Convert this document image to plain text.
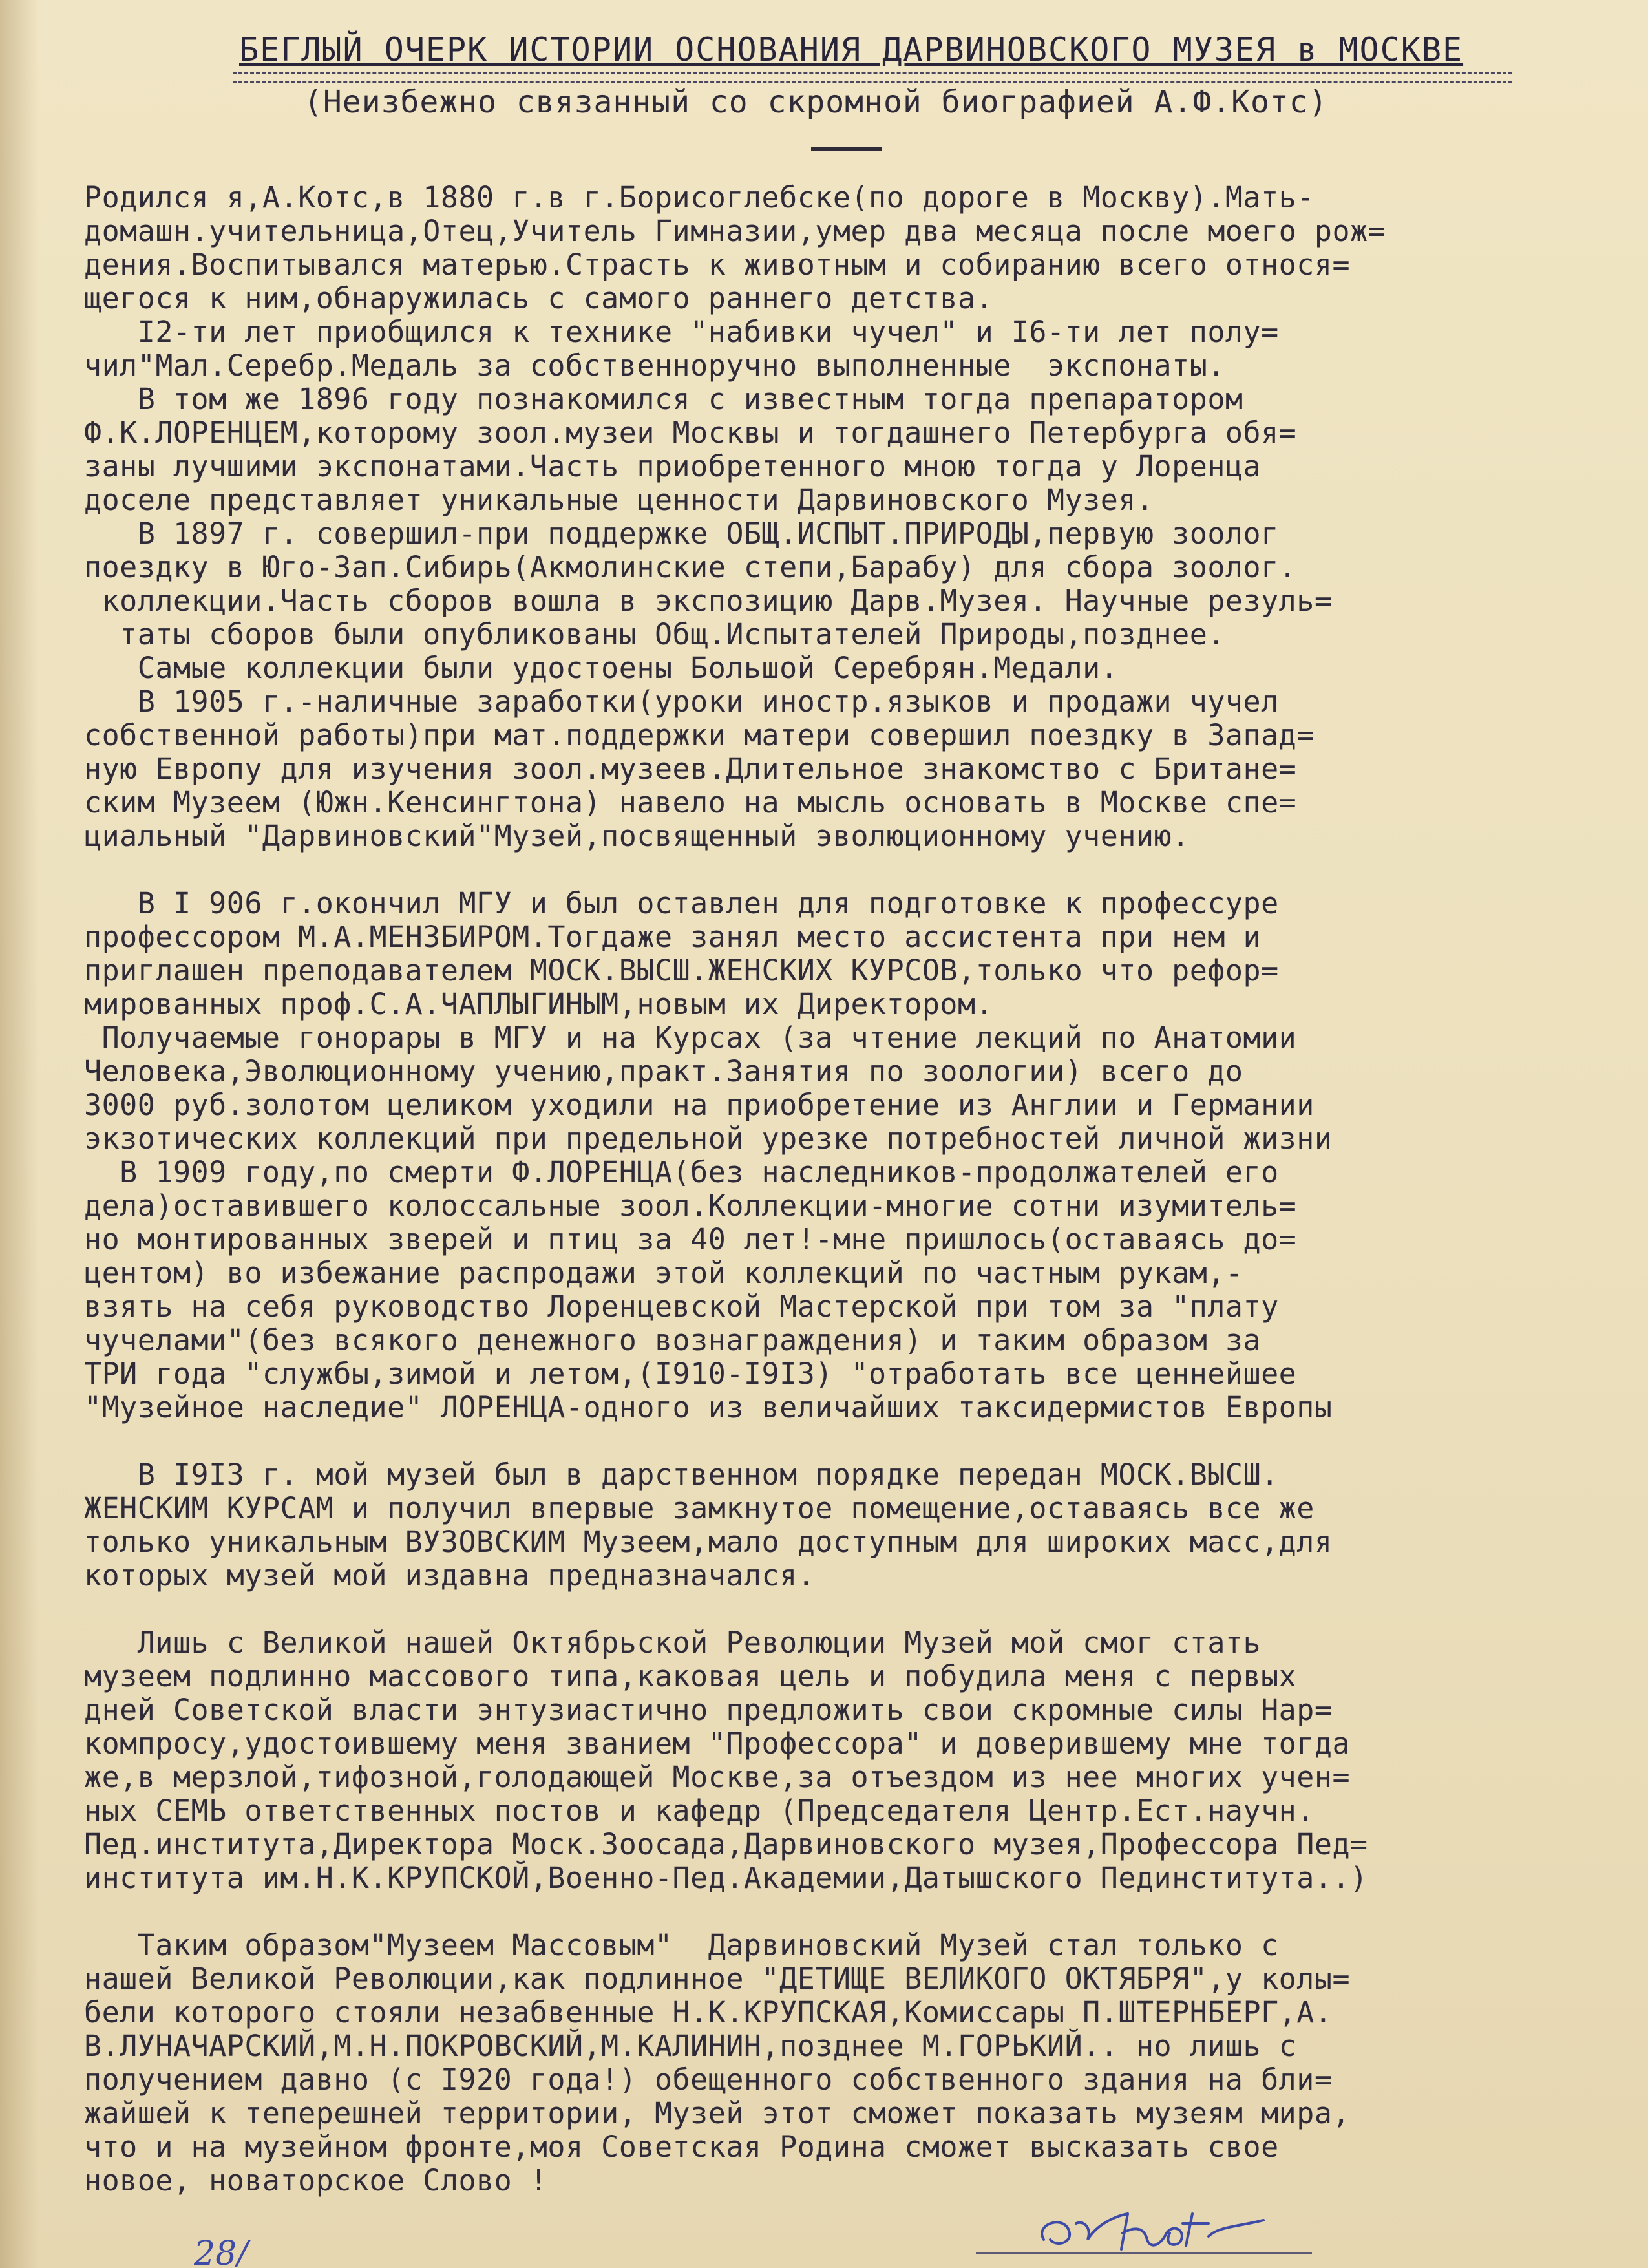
БЕГЛЫЙ ОЧЕРК ИСТОРИИ ОСНОВАНИЯ ДАРВИНОВСКОГО МУЗЕЯ в МОСКВЕ
(Неизбежно связанный со скромной биографией А.Ф.Котс)
Родился я,А.Котс,в 1880 г.в г.Борисоглебске(по дороге в Москву).Мать-
домашн.учительница,Отец,Учитель Гимназии,умер два месяца после моего рож=
дения.Воспитывался матерью.Страсть к животным и собиранию всего относя=
щегося к ним,обнаружилась с самого раннего детства.
I2-ти лет приобщился к технике "набивки чучел" и I6-ти лет полу=
чил"Мал.Серебр.Медаль за собственноручно выполненные  экспонаты.
В том же 1896 году познакомился с известным тогда препаратором
Ф.К.ЛОРЕНЦЕМ,которому зоол.музеи Москвы и тогдашнего Петербурга обя=
заны лучшими экспонатами.Часть приобретенного мною тогда у Лоренца
доселе представляет уникальные ценности Дарвиновского Музея.
В 1897 г. совершил-при поддержке ОБЩ.ИСПЫТ.ПРИРОДЫ,первую зоолог
поездку в Юго-Зап.Сибирь(Акмолинские степи,Барабу) для сбора зоолог.
коллекции.Часть сборов вошла в экспозицию Дарв.Музея. Научные резуль=
таты сборов были опубликованы Общ.Испытателей Природы,позднее.
Самые коллекции были удостоены Большой Серебрян.Медали.
В 1905 г.-наличные заработки(уроки иностр.языков и продажи чучел
собственной работы)при мат.поддержки матери совершил поездку в Запад=
ную Европу для изучения зоол.музеев.Длительное знакомство с Британе=
ским Музеем (Южн.Кенсингтона) навело на мысль основать в Москве спе=
циальный "Дарвиновский"Музей,посвященный эволюционному учению.
В I 906 г.окончил МГУ и был оставлен для подготовке к профессуре
профессором М.А.МЕНЗБИРОМ.Тогдаже занял место ассистента при нем и
приглашен преподавателем МОСК.ВЫСШ.ЖЕНСКИХ КУРСОВ,только что рефор=
мированных проф.С.А.ЧАПЛЫГИНЫМ,новым их Директором.
Получаемые гонорары в МГУ и на Курсах (за чтение лекций по Анатомии
Человека,Эволюционному учению,практ.Занятия по зоологии) всего до
3000 руб.золотом целиком уходили на приобретение из Англии и Германии
экзотических коллекций при предельной урезке потребностей личной жизни
В 1909 году,по смерти Ф.ЛОРЕНЦА(без наследников-продолжателей его
дела)оставившего колоссальные зоол.Коллекции-многие сотни изумитель=
но монтированных зверей и птиц за 40 лет!-мне пришлось(оставаясь до=
центом) во избежание распродажи этой коллекций по частным рукам,-
взять на себя руководство Лоренцевской Мастерской при том за "плату
чучелами"(без всякого денежного вознаграждения) и таким образом за
ТРИ года "службы,зимой и летом,(I910-I9I3) "отработать все ценнейшее
"Музейное наследие" ЛОРЕНЦА-одного из величайших таксидермистов Европы
В I9I3 г. мой музей был в дарственном порядке передан МОСК.ВЫСШ.
ЖЕНСКИМ КУРСАМ и получил впервые замкнутое помещение,оставаясь все же
только уникальным ВУЗОВСКИМ Музеем,мало доступным для широких масс,для
которых музей мой издавна предназначался.
Лишь с Великой нашей Октябрьской Революции Музей мой смог стать
музеем подлинно массового типа,каковая цель и побудила меня с первых
дней Советской власти энтузиастично предложить свои скромные силы Нар=
компросу,удостоившему меня званием "Профессора" и доверившему мне тогда
же,в мерзлой,тифозной,голодающей Москве,за отъездом из нее многих учен=
ных СЕМЬ ответственных постов и кафедр (Председателя Центр.Ест.научн.
Пед.института,Директора Моск.Зоосада,Дарвиновского музея,Профессора Пед=
института им.Н.К.КРУПСКОЙ,Военно-Пед.Академии,Датышского Пединститута..)
Таким образом"Музеем Массовым"  Дарвиновский Музей стал только с
нашей Великой Революции,как подлинное "ДЕТИЩЕ ВЕЛИКОГО ОКТЯБРЯ",у колы=
бели которого стояли незабвенные Н.К.КРУПСКАЯ,Комиссары П.ШТЕРНБЕРГ,А.
В.ЛУНАЧАРСКИЙ,М.Н.ПОКРОВСКИЙ,М.КАЛИНИН,позднее М.ГОРЬКИЙ.. но лишь с
получением давно (с I920 года!) обещенного собственного здания на бли=
жайшей к теперешней территории, Музей этот сможет показать музеям мира,
что и на музейном фронте,моя Советская Родина сможет высказать свое
новое, новаторское Слово !
28/
